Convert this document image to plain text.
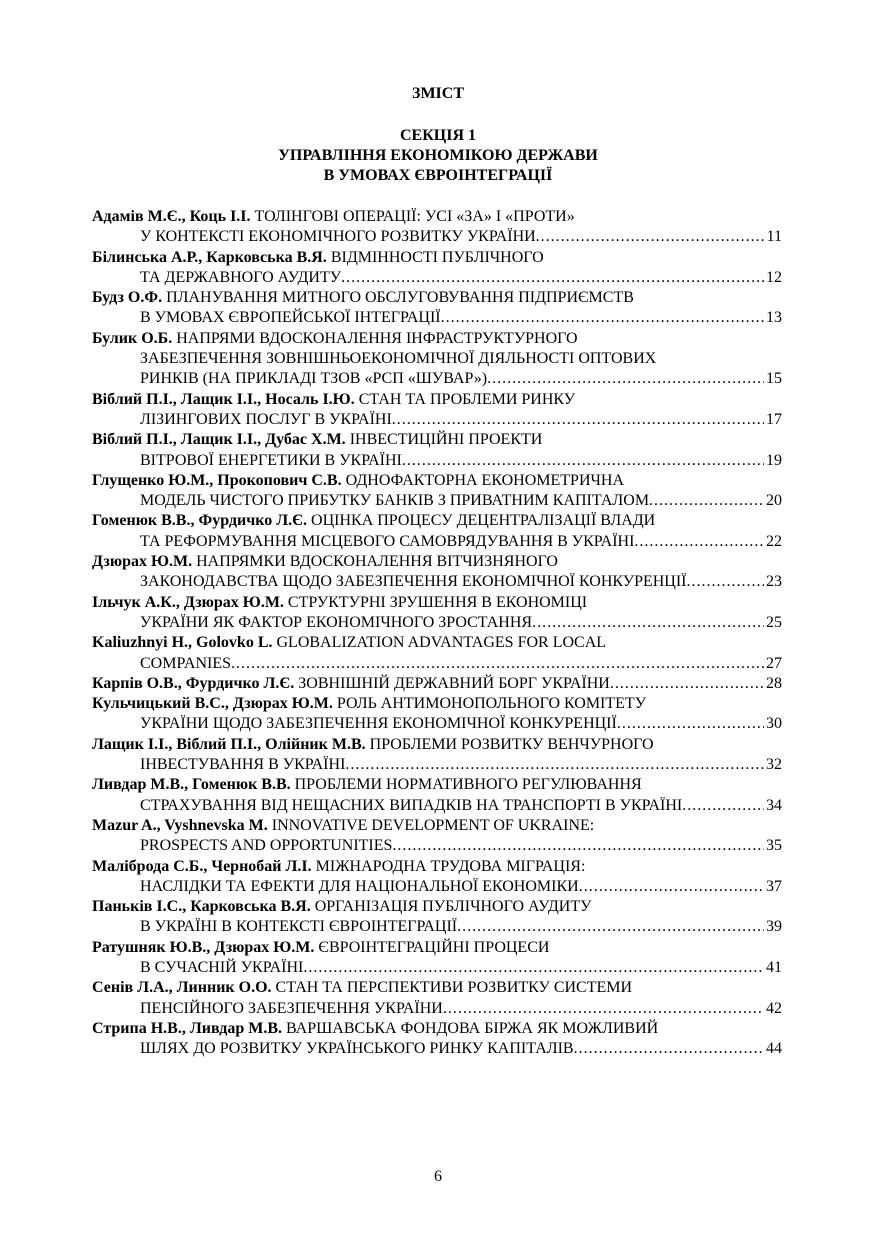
ЗМІСТ
СЕКЦІЯ 1
УПРАВЛІННЯ ЕКОНОМІКОЮ ДЕРЖАВИ
В УМОВАХ ЄВРОІНТЕГРАЦІЇ
Адамів М.Є., Коць І.І. ТОЛІНГОВІ ОПЕРАЦІЇ: УСІ «ЗА» І «ПРОТИ»
У КОНТЕКСТІ ЕКОНОМІЧНОГО РОЗВИТКУ УКРАЇНИ .....	11
Білинська А.Р., Карковська В.Я. ВІДМІННОСТІ ПУБЛІЧНОГО
ТА ДЕРЖАВНОГО АУДИТУ .....	12
Будз О.Ф. ПЛАНУВАННЯ МИТНОГО ОБСЛУГОВУВАННЯ ПІДПРИЄМСТВ
В УМОВАХ ЄВРОПЕЙСЬКОЇ ІНТЕГРАЦІЇ .....	13
Булик О.Б. НАПРЯМИ ВДОСКОНАЛЕННЯ ІНФРАСТРУКТУРНОГО
ЗАБЕЗПЕЧЕННЯ ЗОВНІШНЬОЕКОНОМІЧНОЇ ДІЯЛЬНОСТІ ОПТОВИХ
РИНКІВ (НА ПРИКЛАДІ ТЗОВ «РСП «ШУВАР») .....	15
Віблий П.І., Лащик І.І., Носаль І.Ю. СТАН ТА ПРОБЛЕМИ РИНКУ
ЛІЗИНГОВИХ ПОСЛУГ В УКРАЇНІ .....	17
Віблий П.І., Лащик І.І., Дубас Х.М. ІНВЕСТИЦІЙНІ ПРОЕКТИ
ВІТРОВОЇ ЕНЕРГЕТИКИ В УКРАЇНІ .....	19
Глущенко Ю.М., Прокопович С.В. ОДНОФАКТОРНА ЕКОНОМЕТРИЧНА
МОДЕЛЬ ЧИСТОГО ПРИБУТКУ БАНКІВ З ПРИВАТНИМ КАПІТАЛОМ .....	20
Гоменюк В.В., Фурдичко Л.Є. ОЦІНКА ПРОЦЕСУ ДЕЦЕНТРАЛІЗАЦІЇ ВЛАДИ
ТА РЕФОРМУВАННЯ МІСЦЕВОГО САМОВРЯДУВАННЯ В УКРАЇНІ .....	22
Дзюрах Ю.М. НАПРЯМКИ ВДОСКОНАЛЕННЯ ВІТЧИЗНЯНОГО
ЗАКОНОДАВСТВА ЩОДО ЗАБЕЗПЕЧЕННЯ ЕКОНОМІЧНОЇ КОНКУРЕНЦІЇ .....	23
Ільчук А.К., Дзюрах Ю.М. СТРУКТУРНІ ЗРУШЕННЯ В ЕКОНОМІЦІ
УКРАЇНИ ЯК ФАКТОР ЕКОНОМІЧНОГО ЗРОСТАННЯ .....	25
Kaliuzhnyi H., Golovko L. GLOBALIZATION ADVANTAGES FOR LOCAL
COMPANIES .....	27
Карпів О.В., Фурдичко Л.Є. ЗОВНІШНІЙ ДЕРЖАВНИЙ БОРГ УКРАЇНИ .....	28
Кульчицький В.С., Дзюрах Ю.М. РОЛЬ АНТИМОНОПОЛЬНОГО КОМІТЕТУ
УКРАЇНИ ЩОДО ЗАБЕЗПЕЧЕННЯ ЕКОНОМІЧНОЇ КОНКУРЕНЦІЇ .....	30
Лащик І.І., Віблий П.І., Олійник М.В. ПРОБЛЕМИ РОЗВИТКУ ВЕНЧУРНОГО
ІНВЕСТУВАННЯ В УКРАЇНІ .....	32
Ливдар М.В., Гоменюк В.В. ПРОБЛЕМИ НОРМАТИВНОГО РЕГУЛЮВАННЯ
СТРАХУВАННЯ ВІД НЕЩАСНИХ ВИПАДКІВ НА ТРАНСПОРТІ В УКРАЇНІ .....	34
Mazur A., Vyshnevska M. INNOVATIVE DEVELOPMENT OF UKRAINE:
PROSPECTS AND OPPORTUNITIES .....	35
Маліброда С.Б., Чернобай Л.І. МІЖНАРОДНА ТРУДОВА МІГРАЦІЯ:
НАСЛІДКИ ТА ЕФЕКТИ ДЛЯ НАЦІОНАЛЬНОЇ ЕКОНОМІКИ .....	37
Паньків І.С., Карковська В.Я. ОРГАНІЗАЦІЯ ПУБЛІЧНОГО АУДИТУ
В УКРАЇНІ В КОНТЕКСТІ ЄВРОІНТЕГРАЦІЇ .....	39
Ратушняк Ю.В., Дзюрах Ю.М. ЄВРОІНТЕГРАЦІЙНІ ПРОЦЕСИ
В СУЧАСНІЙ УКРАЇНІ .....	41
Сенів Л.А., Линник О.О. СТАН ТА ПЕРСПЕКТИВИ РОЗВИТКУ СИСТЕМИ
ПЕНСІЙНОГО ЗАБЕЗПЕЧЕННЯ УКРАЇНИ .....	42
Стрипа Н.В., Ливдар М.В. ВАРШАВСЬКА ФОНДОВА БІРЖА ЯК МОЖЛИВИЙ
ШЛЯХ ДО РОЗВИТКУ УКРАЇНСЬКОГО РИНКУ КАПІТАЛІВ .....	44
6
